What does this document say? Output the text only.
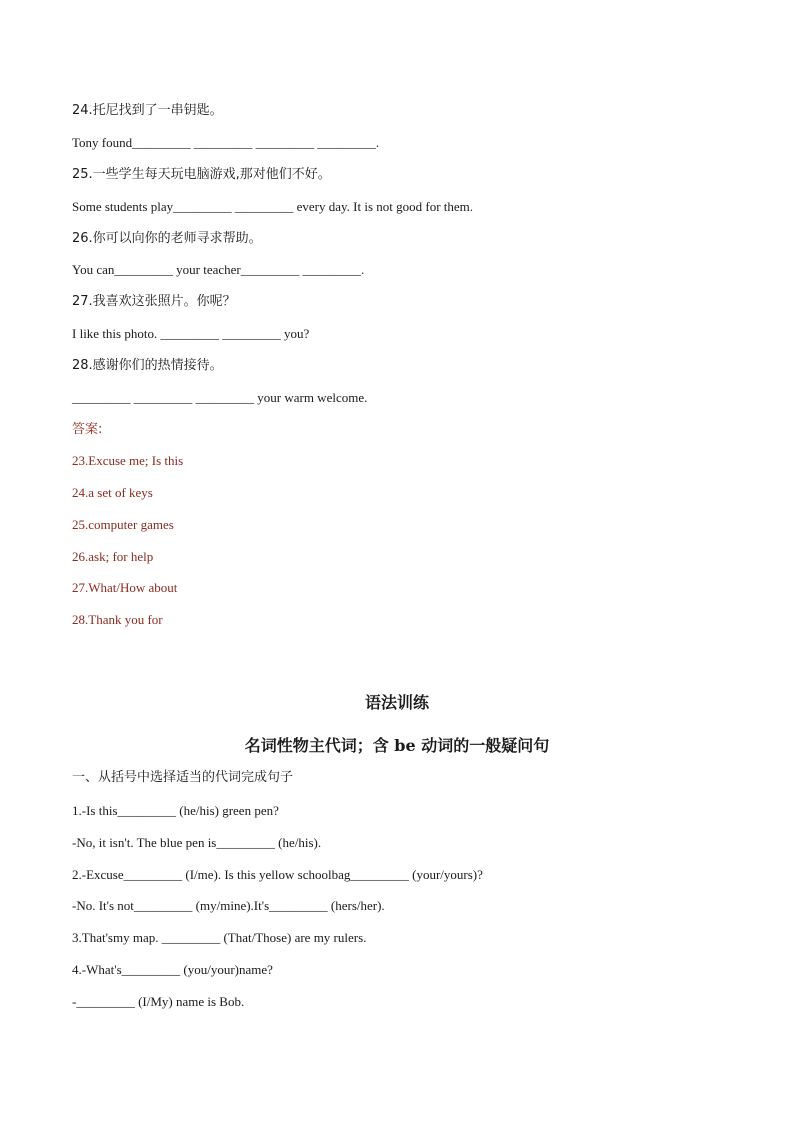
24.托尼找到了一串钥匙。
Tony found_________ _________ _________ _________.
25.一些学生每天玩电脑游戏,那对他们不好。
Some students play_________ _________ every day. It is not good for them.
26.你可以向你的老师寻求帮助。
You can_________ your teacher_________ _________.
27.我喜欢这张照片。你呢？
I like this photo. _________ _________ you?
28.感谢你们的热情接待。
_________ _________ _________ your warm welcome.
答案:
23.Excuse me; Is this
24.a set of keys
25.computer games
26.ask; for help
27.What/How about
28.Thank you for
语法训练
名词性物主代词；含 be 动词的一般疑问句
一、从括号中选择适当的代词完成句子
1.-Is this_________ (he/his) green pen?
-No, it isn't. The blue pen is_________ (he/his).
2.-Excuse_________ (I/me). Is this yellow schoolbag_________ (your/yours)?
-No. It's not_________ (my/mine).It's_________ (hers/her).
3.That'smy map. _________ (That/Those) are my rulers.
4.-What's_________ (you/your)name?
-_________ (I/My) name is Bob.
